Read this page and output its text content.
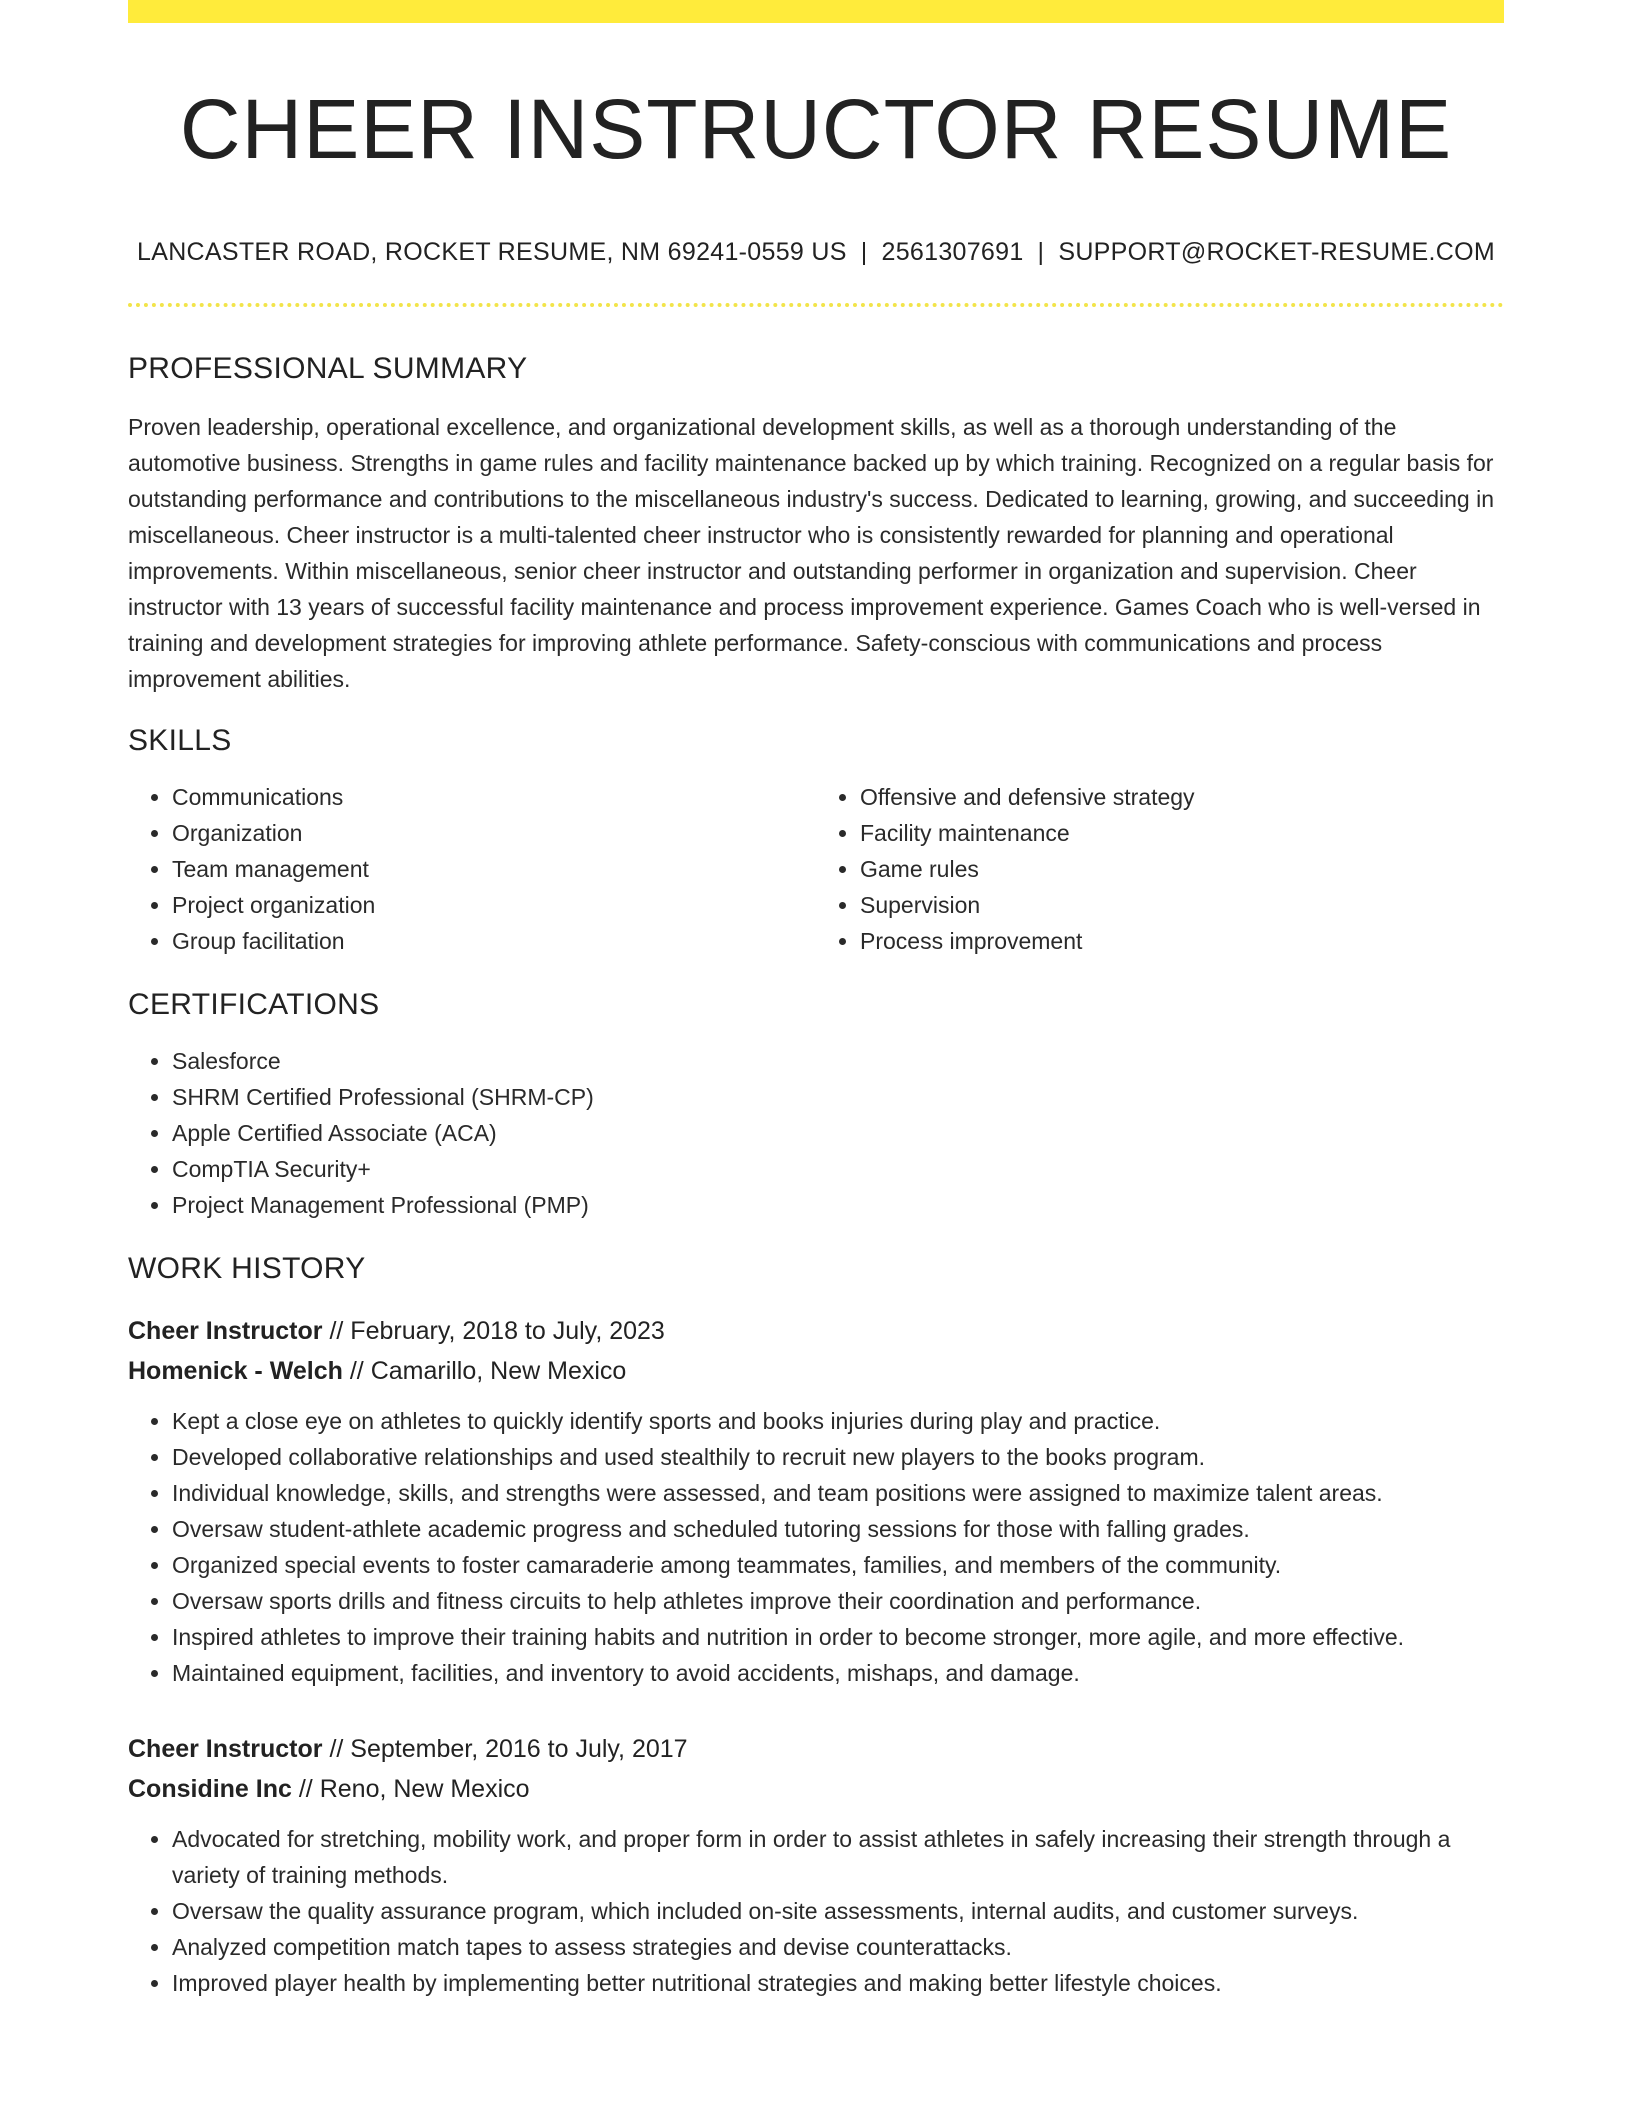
CHEER INSTRUCTOR RESUME
LANCASTER ROAD, ROCKET RESUME, NM 69241-0559 US | 2561307691 | SUPPORT@ROCKET-RESUME.COM
PROFESSIONAL SUMMARY

Proven leadership, operational excellence, and organizational development skills, as well as a thorough understanding of the automotive business. Strengths in game rules and facility maintenance backed up by which training. Recognized on a regular basis for outstanding performance and contributions to the miscellaneous industry's success. Dedicated to learning, growing, and succeeding in miscellaneous. Cheer instructor is a multi-talented cheer instructor who is consistently rewarded for planning and operational improvements. Within miscellaneous, senior cheer instructor and outstanding performer in organization and supervision. Cheer instructor with 13 years of successful facility maintenance and process improvement experience. Games Coach who is well-versed in training and development strategies for improving athlete performance. Safety-conscious with communications and process improvement abilities.

SKILLS
• Communications
• Organization
• Team management
• Project organization
• Group facilitation
• Offensive and defensive strategy
• Facility maintenance
• Game rules
• Supervision
• Process improvement
CERTIFICATIONS
• Salesforce
• SHRM Certified Professional (SHRM-CP)
• Apple Certified Associate (ACA)
• CompTIA Security+
• Project Management Professional (PMP)
WORK HISTORY
Cheer Instructor // February, 2018 to July, 2023
Homenick - Welch // Camarillo, New Mexico
• Kept a close eye on athletes to quickly identify sports and books injuries during play and practice.
• Developed collaborative relationships and used stealthily to recruit new players to the books program.
• Individual knowledge, skills, and strengths were assessed, and team positions were assigned to maximize talent areas.
• Oversaw student-athlete academic progress and scheduled tutoring sessions for those with falling grades.
• Organized special events to foster camaraderie among teammates, families, and members of the community.
• Oversaw sports drills and fitness circuits to help athletes improve their coordination and performance.
• Inspired athletes to improve their training habits and nutrition in order to become stronger, more agile, and more effective.
• Maintained equipment, facilities, and inventory to avoid accidents, mishaps, and damage.
Cheer Instructor // September, 2016 to July, 2017
Considine Inc // Reno, New Mexico
• Advocated for stretching, mobility work, and proper form in order to assist athletes in safely increasing their strength through a variety of training methods.
• Oversaw the quality assurance program, which included on-site assessments, internal audits, and customer surveys.
• Analyzed competition match tapes to assess strategies and devise counterattacks.
• Improved player health by implementing better nutritional strategies and making better lifestyle choices.
